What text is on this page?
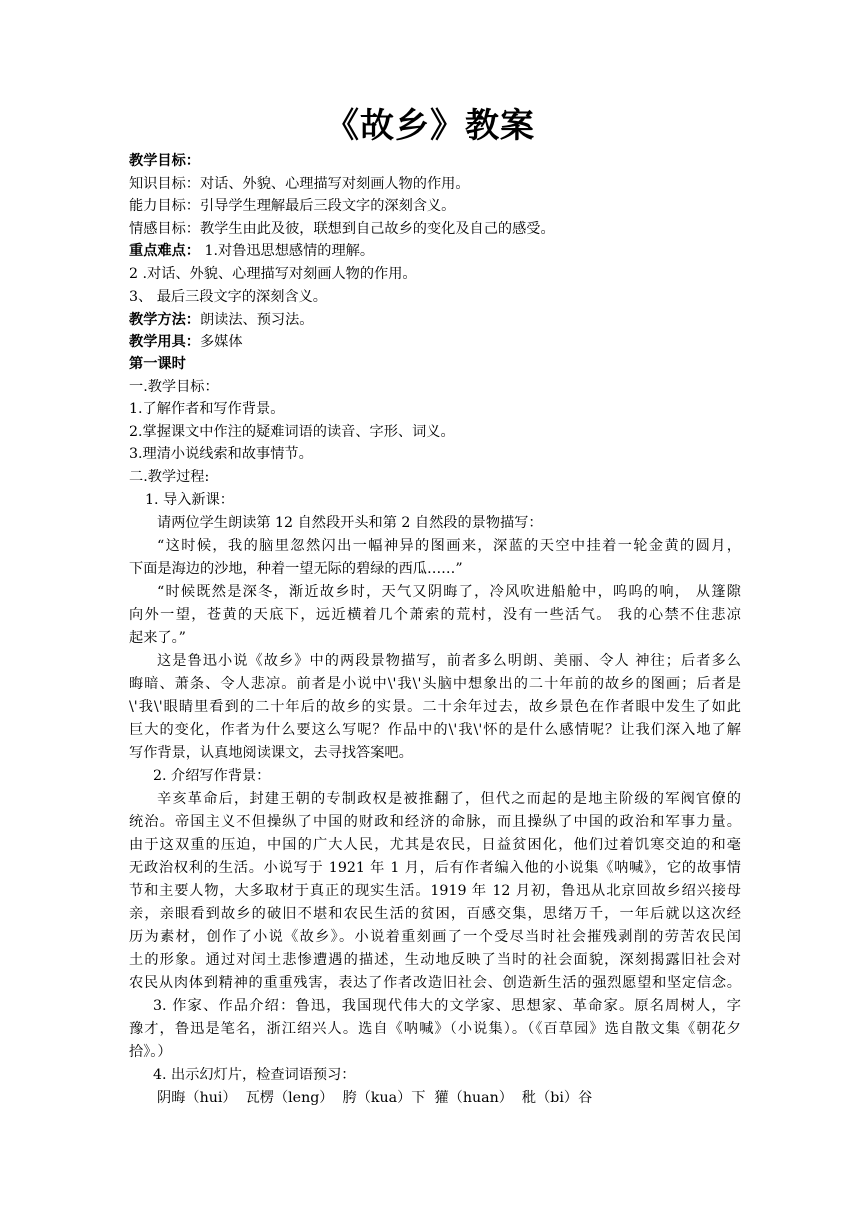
《故乡》教案
教学目标：
知识目标：对话、外貌、心理描写对刻画人物的作用。
能力目标：引导学生理解最后三段文字的深刻含义。
情感目标：教学生由此及彼，联想到自己故乡的变化及自己的感受。
重点难点： 1.对鲁迅思想感情的理解。
2 .对话、外貌、心理描写对刻画人物的作用。
3、 最后三段文字的深刻含义。
教学方法：朗读法、预习法。
教学用具：多媒体
第一课时
一.教学目标：
1.了解作者和写作背景。
2.掌握课文中作注的疑难词语的读音、字形、词义。
3.理清小说线索和故事情节。
二.教学过程:
1. 导入新课：
请两位学生朗读第 12 自然段开头和第 2 自然段的景物描写：
“这时候，我的脑里忽然闪出一幅神异的图画来，深蓝的天空中挂着一轮金黄的圆月，
下面是海边的沙地，种着一望无际的碧绿的西瓜……”
“时候既然是深冬，渐近故乡时，天气又阴晦了，冷风吹进船舱中，呜呜的响， 从篷隙
向外一望，苍黄的天底下，远近横着几个萧索的荒村，没有一些活气。 我的心禁不住悲凉
起来了。”
这是鲁迅小说《故乡》中的两段景物描写，前者多么明朗、美丽、令人 神往；后者多么
晦暗、萧条、令人悲凉。前者是小说中\'我\'头脑中想象出的二十年前的故乡的图画；后者是
\'我\'眼睛里看到的二十年后的故乡的实景。二十余年过去，故乡景色在作者眼中发生了如此
巨大的变化，作者为什么要这么写呢？作品中的\'我\'怀的是什么感情呢？让我们深入地了解
写作背景，认真地阅读课文，去寻找答案吧。
2. 介绍写作背景：
辛亥革命后，封建王朝的专制政权是被推翻了，但代之而起的是地主阶级的军阀官僚的
统治。帝国主义不但操纵了中国的财政和经济的命脉，而且操纵了中国的政治和军事力量。
由于这双重的压迫，中国的广大人民，尤其是农民，日益贫困化，他们过着饥寒交迫的和毫
无政治权利的生活。小说写于 1921 年 1 月，后有作者编入他的小说集《呐喊》，它的故事情
节和主要人物，大多取材于真正的现实生活。1919 年 12 月初，鲁迅从北京回故乡绍兴接母
亲，亲眼看到故乡的破旧不堪和农民生活的贫困，百感交集，思绪万千，一年后就以这次经
历为素材，创作了小说《故乡》。小说着重刻画了一个受尽当时社会摧残剥削的劳苦农民闰
土的形象。通过对闰土悲惨遭遇的描述，生动地反映了当时的社会面貌，深刻揭露旧社会对
农民从肉体到精神的重重残害，表达了作者改造旧社会、创造新生活的强烈愿望和坚定信念。
3. 作家、作品介绍：鲁迅，我国现代伟大的文学家、思想家、革命家。原名周树人，字
豫才，鲁迅是笔名，浙江绍兴人。选自《呐喊》（小说集）。（《百草园》选自散文集《朝花夕
拾》。）
4. 出示幻灯片，检查词语预习：
阴晦（hui）  瓦楞（leng）  胯（kua）下  獾（huan）  秕（bi）谷
